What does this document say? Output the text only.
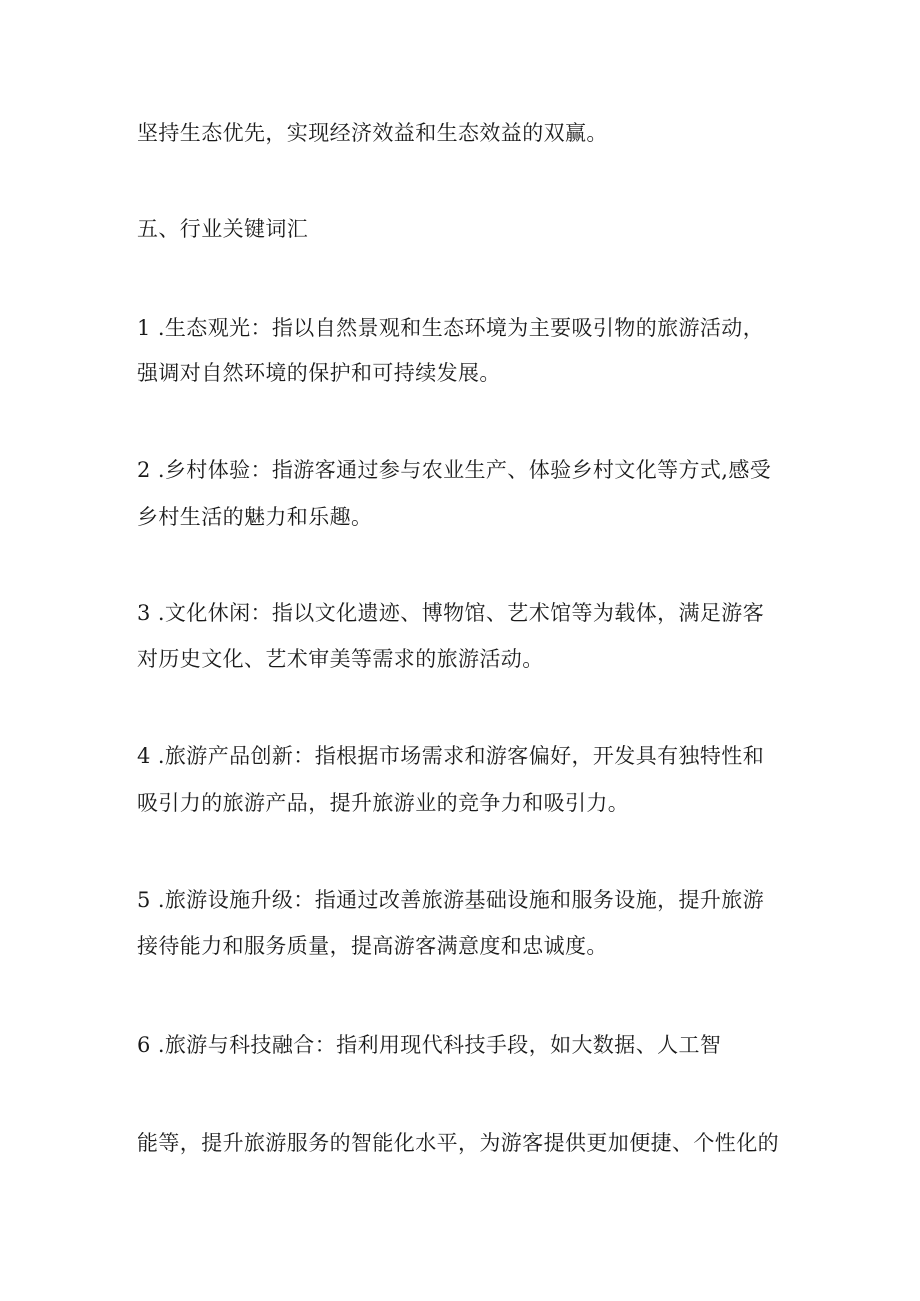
坚持生态优先，实现经济效益和生态效益的双赢。
五、行业关键词汇
1 .生态观光：指以自然景观和生态环境为主要吸引物的旅游活动，
强调对自然环境的保护和可持续发展。
2 .乡村体验：指游客通过参与农业生产、体验乡村文化等方式,感受
乡村生活的魅力和乐趣。
3 .文化休闲：指以文化遗迹、博物馆、艺术馆等为载体，满足游客
对历史文化、艺术审美等需求的旅游活动。
4 .旅游产品创新：指根据市场需求和游客偏好，开发具有独特性和
吸引力的旅游产品，提升旅游业的竞争力和吸引力。
5 .旅游设施升级：指通过改善旅游基础设施和服务设施，提升旅游
接待能力和服务质量，提高游客满意度和忠诚度。
6 .旅游与科技融合：指利用现代科技手段，如大数据、人工智
能等，提升旅游服务的智能化水平，为游客提供更加便捷、个性化的
